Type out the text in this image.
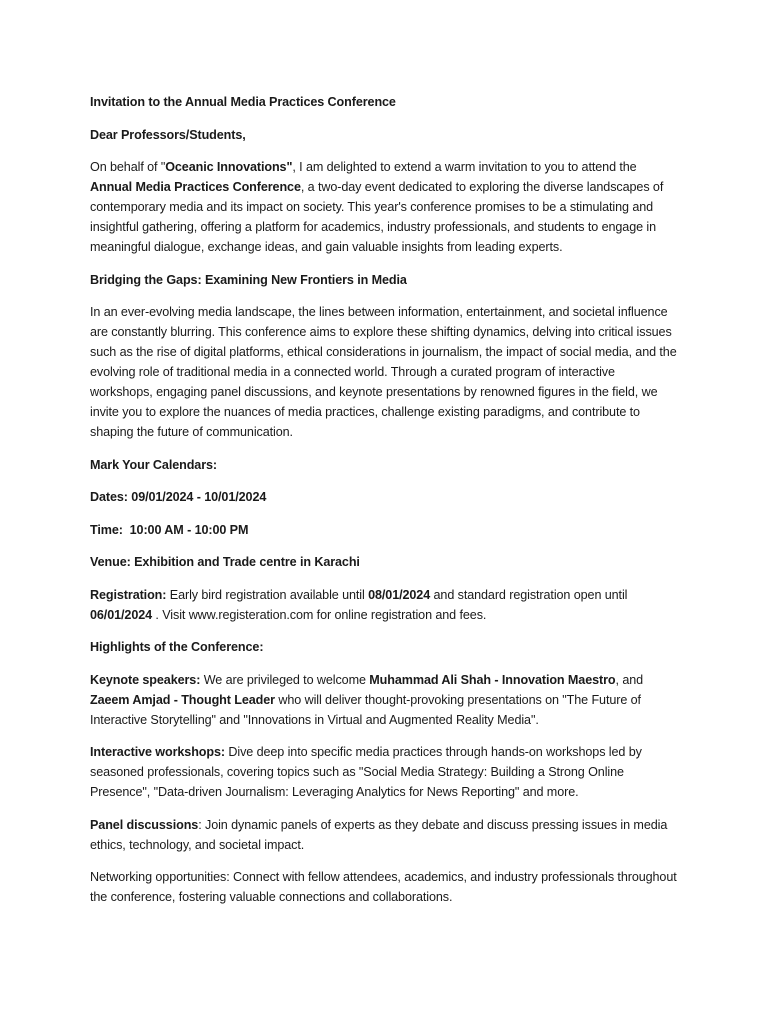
Invitation to the Annual Media Practices Conference

Dear Professors/Students,

On behalf of "Oceanic Innovations", I am delighted to extend a warm invitation to you to attend the Annual Media Practices Conference, a two-day event dedicated to exploring the diverse landscapes of contemporary media and its impact on society. This year's conference promises to be a stimulating and insightful gathering, offering a platform for academics, industry professionals, and students to engage in meaningful dialogue, exchange ideas, and gain valuable insights from leading experts.

Bridging the Gaps: Examining New Frontiers in Media

In an ever-evolving media landscape, the lines between information, entertainment, and societal influence are constantly blurring. This conference aims to explore these shifting dynamics, delving into critical issues such as the rise of digital platforms, ethical considerations in journalism, the impact of social media, and the evolving role of traditional media in a connected world. Through a curated program of interactive workshops, engaging panel discussions, and keynote presentations by renowned figures in the field, we invite you to explore the nuances of media practices, challenge existing paradigms, and contribute to shaping the future of communication.

Mark Your Calendars:

Dates: 09/01/2024 - 10/01/2024

Time:  10:00 AM - 10:00 PM

Venue: Exhibition and Trade centre in Karachi

Registration: Early bird registration available until 08/01/2024 and standard registration open until
06/01/2024 . Visit www.registeration.com for online registration and fees.

Highlights of the Conference:

Keynote speakers: We are privileged to welcome Muhammad Ali Shah - Innovation Maestro, and
Zaeem Amjad - Thought Leader who will deliver thought-provoking presentations on "The Future of Interactive Storytelling" and "Innovations in Virtual and Augmented Reality Media".

Interactive workshops: Dive deep into specific media practices through hands-on workshops led by seasoned professionals, covering topics such as "Social Media Strategy: Building a Strong Online Presence", "Data-driven Journalism: Leveraging Analytics for News Reporting" and more.

Panel discussions: Join dynamic panels of experts as they debate and discuss pressing issues in media ethics, technology, and societal impact.

Networking opportunities: Connect with fellow attendees, academics, and industry professionals throughout the conference, fostering valuable connections and collaborations.
